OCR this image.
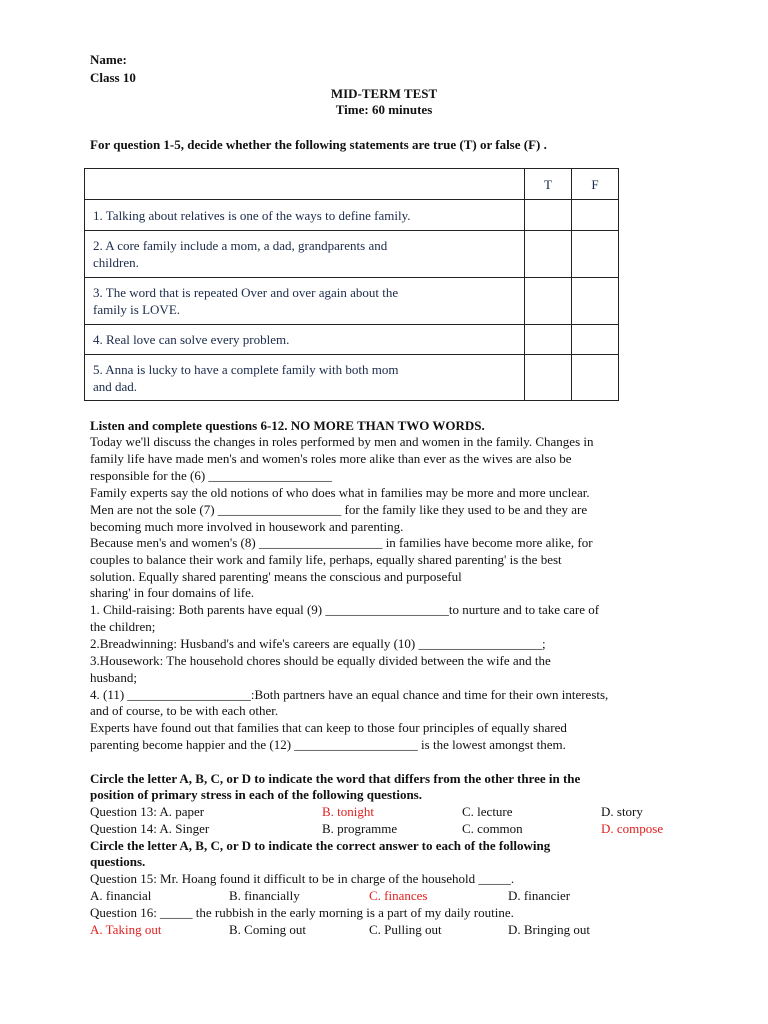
Name:
Class 10
MID-TERM TEST
Time: 60 minutes
For question 1-5, decide whether the following statements are true (T) or false (F) .
	T	F
1. Talking about relatives is one of the ways to define family.		
2. A core family include a mom, a dad, grandparents and
children.		
3. The word that is repeated Over and over again about the
family is LOVE.		
4. Real love can solve every problem.		
5. Anna is lucky to have a complete family with both mom
and dad.		
Listen and complete questions 6-12. NO MORE THAN TWO WORDS.
Today we'll discuss the changes in roles performed by men and women in the family. Changes in
family life have made men's and women's roles more alike than ever as the wives are also be
responsible for the (6) ___________________
Family experts say the old notions of who does what in families may be more and more unclear.
Men are not the sole (7) ___________________ for the family like they used to be and they are
becoming much more involved in housework and parenting.
Because men's and women's (8) ___________________ in families have become more alike, for
couples to balance their work and family life, perhaps, equally shared parenting' is the best
solution. Equally shared parenting' means the conscious and purposeful
sharing' in four domains of life.
1. Child-raising: Both parents have equal (9) ___________________to nurture and to take care of
the children;
2.Breadwinning: Husband's and wife's careers are equally (10) ___________________;
3.Housework: The household chores should be equally divided between the wife and the
husband;
4. (11) ___________________:Both partners have an equal chance and time for their own interests,
and of course, to be with each other.
Experts have found out that families that can keep to those four principles of equally shared
parenting become happier and the (12) ___________________ is the lowest amongst them.
Circle the letter A, B, C, or D to indicate the word that differs from the other three in the
position of primary stress in each of the following questions.
Question 13: A. paper	B. tonight	C. lecture	D. story
Question 14: A. Singer	B. programme	C. common	D. compose
Circle the letter A, B, C, or D to indicate the correct answer to each of the following
questions.
Question 15: Mr. Hoang found it difficult to be in charge of the household _____.
A. financial	B. financially	C. finances	D. financier
Question 16: _____ the rubbish in the early morning is a part of my daily routine.
A. Taking out	B. Coming out	C. Pulling out	D. Bringing out
